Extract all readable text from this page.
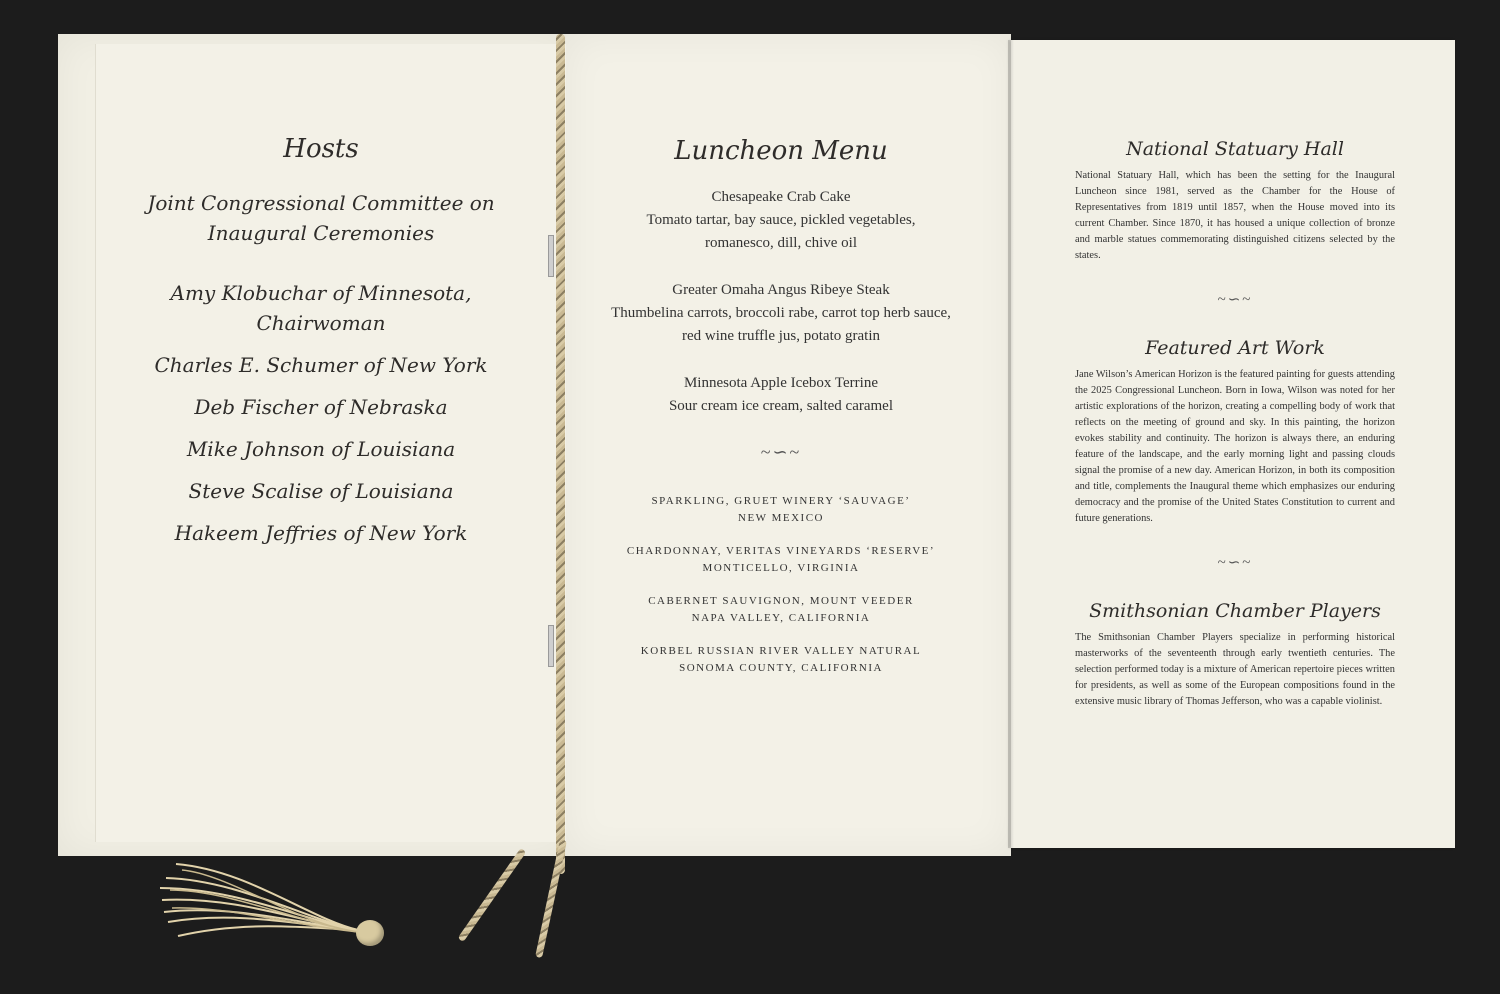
Hosts
Joint Congressional Committee on
Inaugural Ceremonies
Amy Klobuchar of Minnesota,
Chairwoman
Charles E. Schumer of New York
Deb Fischer of Nebraska
Mike Johnson of Louisiana
Steve Scalise of Louisiana
Hakeem Jeffries of New York
Luncheon Menu
Chesapeake Crab Cake
Tomato tartar, bay sauce, pickled vegetables,
romanesco, dill, chive oil
Greater Omaha Angus Ribeye Steak
Thumbelina carrots, broccoli rabe, carrot top herb sauce,
red wine truffle jus, potato gratin
Minnesota Apple Icebox Terrine
Sour cream ice cream, salted caramel
~∽~
SPARKLING, GRUET WINERY ‘SAUVAGE’
NEW MEXICO
CHARDONNAY, VERITAS VINEYARDS ‘RESERVE’
MONTICELLO, VIRGINIA
CABERNET SAUVIGNON, MOUNT VEEDER
NAPA VALLEY, CALIFORNIA
KORBEL RUSSIAN RIVER VALLEY NATURAL
SONOMA COUNTY, CALIFORNIA
National Statuary Hall

National Statuary Hall, which has been the setting for the Inaugural Luncheon since 1981, served as the Chamber for the House of Representatives from 1819 until 1857, when the House moved into its current Chamber. Since 1870, it has housed a unique collection of bronze and marble statues commemorating distinguished citizens selected by the states.

~∽~
Featured Art Work

Jane Wilson’s American Horizon is the featured painting for guests attending the 2025 Congressional Luncheon. Born in Iowa, Wilson was noted for her artistic explorations of the horizon, creating a compelling body of work that reflects on the meeting of ground and sky. In this painting, the horizon evokes stability and continuity. The horizon is always there, an enduring feature of the landscape, and the early morning light and passing clouds signal the promise of a new day. American Horizon, in both its composition and title, complements the Inaugural theme which emphasizes our enduring democracy and the promise of the United States Constitution to current and future generations.

~∽~
Smithsonian Chamber Players

The Smithsonian Chamber Players specialize in performing historical masterworks of the seventeenth through early twentieth centuries. The selection performed today is a mixture of American repertoire pieces written for presidents, as well as some of the European compositions found in the extensive music library of Thomas Jefferson, who was a capable violinist.
